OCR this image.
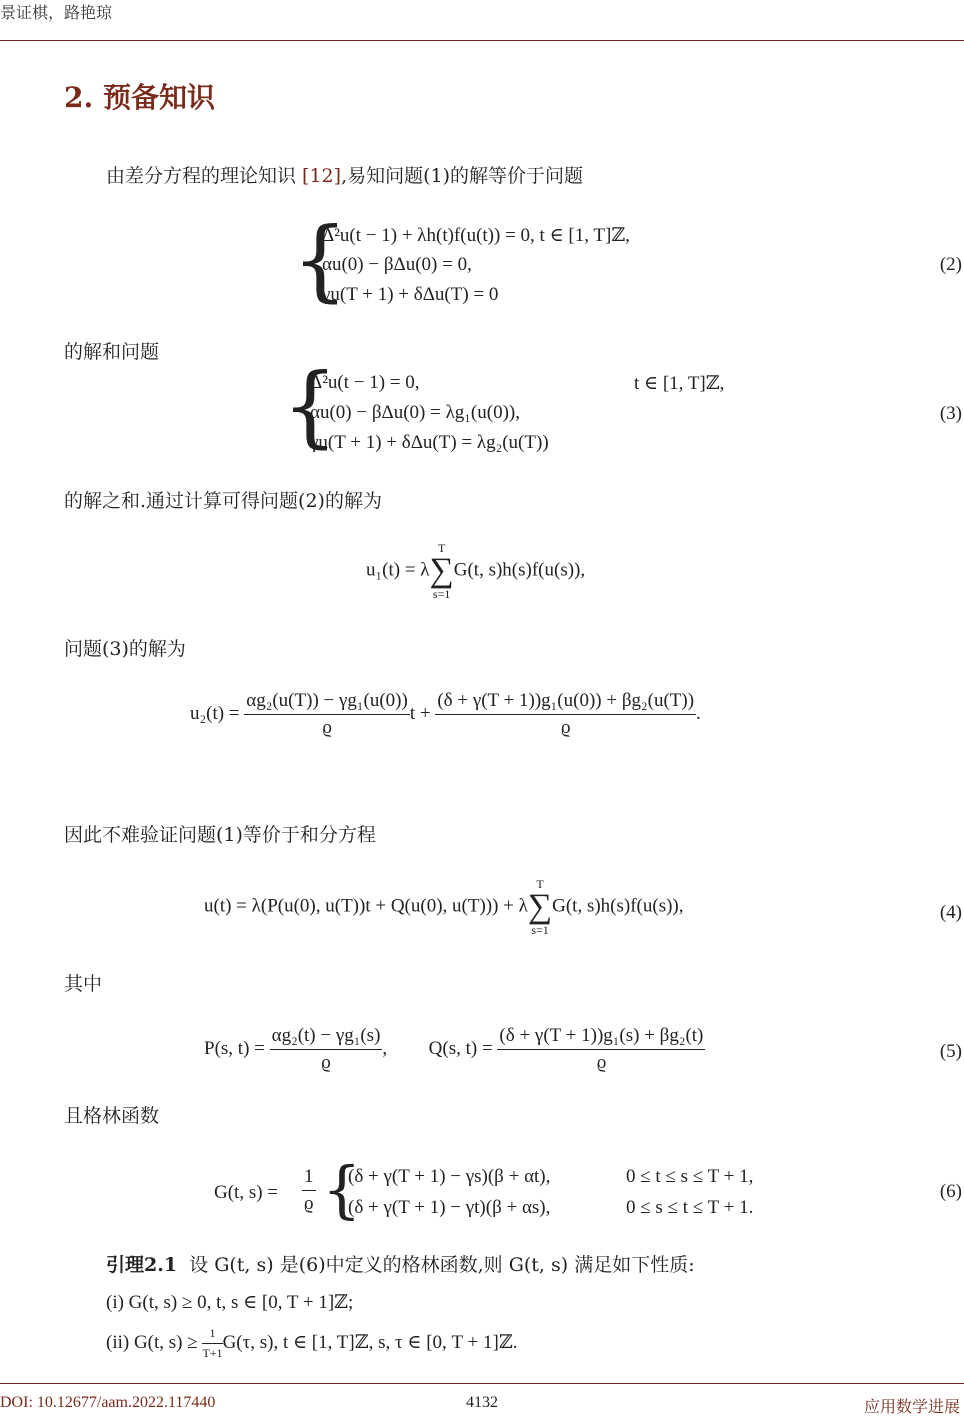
景证棋，路艳琼
2. 预备知识
由差分方程的理论知识 [12],易知问题(1)的解等价于问题
{
Δ²u(t − 1) + λh(t)f(u(t)) = 0, t ∈ [1, T]ℤ,
αu(0) − βΔu(0) = 0,
γu(T + 1) + δΔu(T) = 0
(2)
的解和问题
{
Δ²u(t − 1) = 0,	t ∈ [1, T]ℤ,
αu(0) − βΔu(0) = λg₁(u(0)),
γu(T + 1) + δΔu(T) = λg₂(u(T))
(3)
的解之和.通过计算可得问题(2)的解为
u₁(t) = λ
T
∑
s=1
G(t, s)h(s)f(u(s)),
问题(3)的解为
$u_2(t) = \frac{\text{αg₂(u(T)) − γg₁(u(0))}}{ϱ}$ $t + \frac{\text{(δ + γ(T + 1))g₁(u(0)) + βg₂(u(T))}}{ϱ}$ .
因此不难验证问题(1)等价于和分方程
u(t) = λ(P(u(0), u(T))t + Q(u(0), u(T))) + λ
T
∑
s=1
G(t, s)h(s)f(u(s)),	(4)
其中
P(s, $t) = \frac{\text{αg₂(t) − γg₁(s)}}{ϱ}$ , Q(s, $t) = \frac{\text{(δ + γ(T + 1))g₁(s) + βg₂(t)}}{ϱ}$	(5)
且格林函数
G(t, $s) = \frac{1}{ϱ}$ {
(δ + γ(T + 1) − γs)(β + αt),	0 ≤ t ≤ s ≤ T + 1,
(δ + γ(T + 1) − γt)(β + αs),	0 ≤ s ≤ t ≤ T + 1.
(6)
引理2.1 设 G(t, s) 是(6)中定义的格林函数,则 G(t, s) 满足如下性质:
(i) G(t, s) ≥ 0, t, s ∈ [0, T + 1]ℤ;
(ii) G(t, $s) \ge \frac{1}{T+1} G(\tau$, s), t ∈ [1, T]ℤ, s, τ ∈ [0, T + 1]ℤ.
DOI: 10.12677/aam.2022.117440	4132	应用数学进展
